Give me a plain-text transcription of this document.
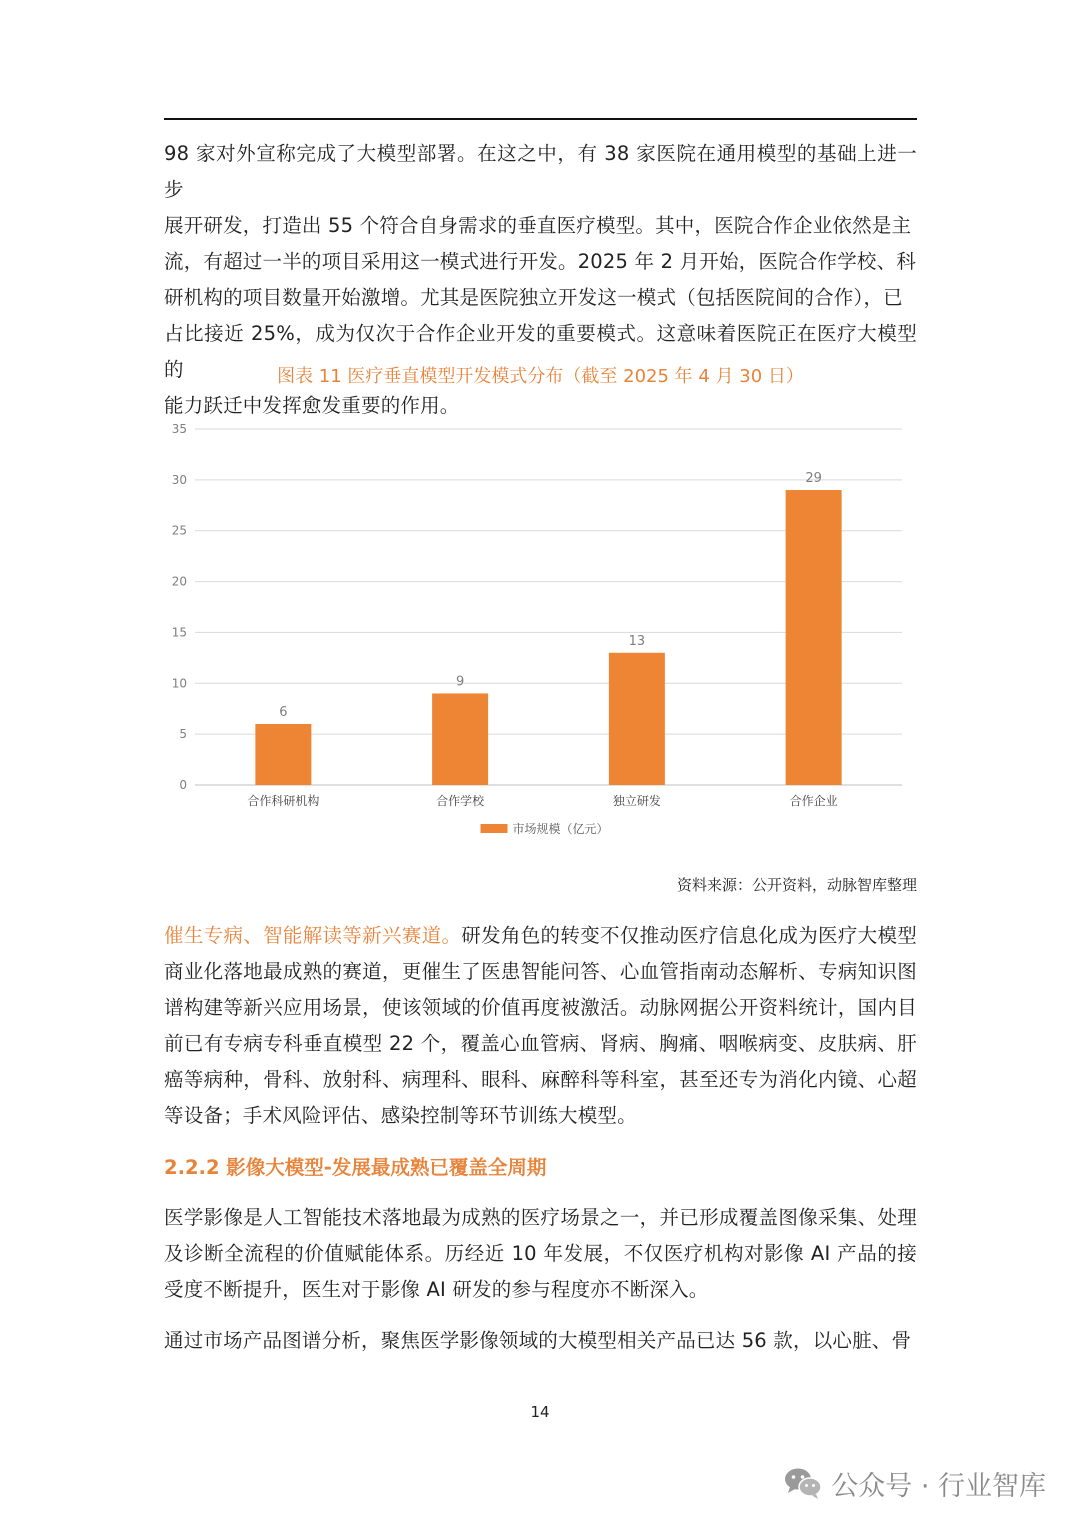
98 家对外宣称完成了大模型部署。在这之中，有 38 家医院在通用模型的基础上进一步
展开研发，打造出 55 个符合自身需求的垂直医疗模型。其中，医院合作企业依然是主
流，有超过一半的项目采用这一模式进行开发。2025 年 2 月开始，医院合作学校、科
研机构的项目数量开始激增。尤其是医院独立开发这一模式（包括医院间的合作），已
占比接近 25%，成为仅次于合作企业开发的重要模式。这意味着医院正在医疗大模型的
能力跃迁中发挥愈发重要的作用。
图表 11 医疗垂直模型开发模式分布（截至 2025 年 4 月 30 日）
0
5
10
15
20
25
30
35
6
合作科研机构
9
合作学校
13
独立研发
29
合作企业
市场规模（亿元）
资料来源：公开资料，动脉智库整理

催生专病、智能解读等新兴赛道。研发角色的转变不仅推动医疗信息化成为医疗大模型商业化落地最成熟的赛道，更催生了医患智能问答、心血管指南动态解析、专病知识图谱构建等新兴应用场景，使该领域的价值再度被激活。动脉网据公开资料统计，国内目前已有专病专科垂直模型 22 个，覆盖心血管病、肾病、胸痛、咽喉病变、皮肤病、肝癌等病种，骨科、放射科、病理科、眼科、麻醉科等科室，甚至还专为消化内镜、心超等设备；手术风险评估、感染控制等环节训练大模型。

2.2.2 影像大模型-发展最成熟已覆盖全周期

医学影像是人工智能技术落地最为成熟的医疗场景之一，并已形成覆盖图像采集、处理及诊断全流程的价值赋能体系。历经近 10 年发展，不仅医疗机构对影像 AI 产品的接受度不断提升，医生对于影像 AI 研发的参与程度亦不断深入。

通过市场产品图谱分析，聚焦医学影像领域的大模型相关产品已达 56 款，以心脏、骨

14
公众号 · 行业智库
